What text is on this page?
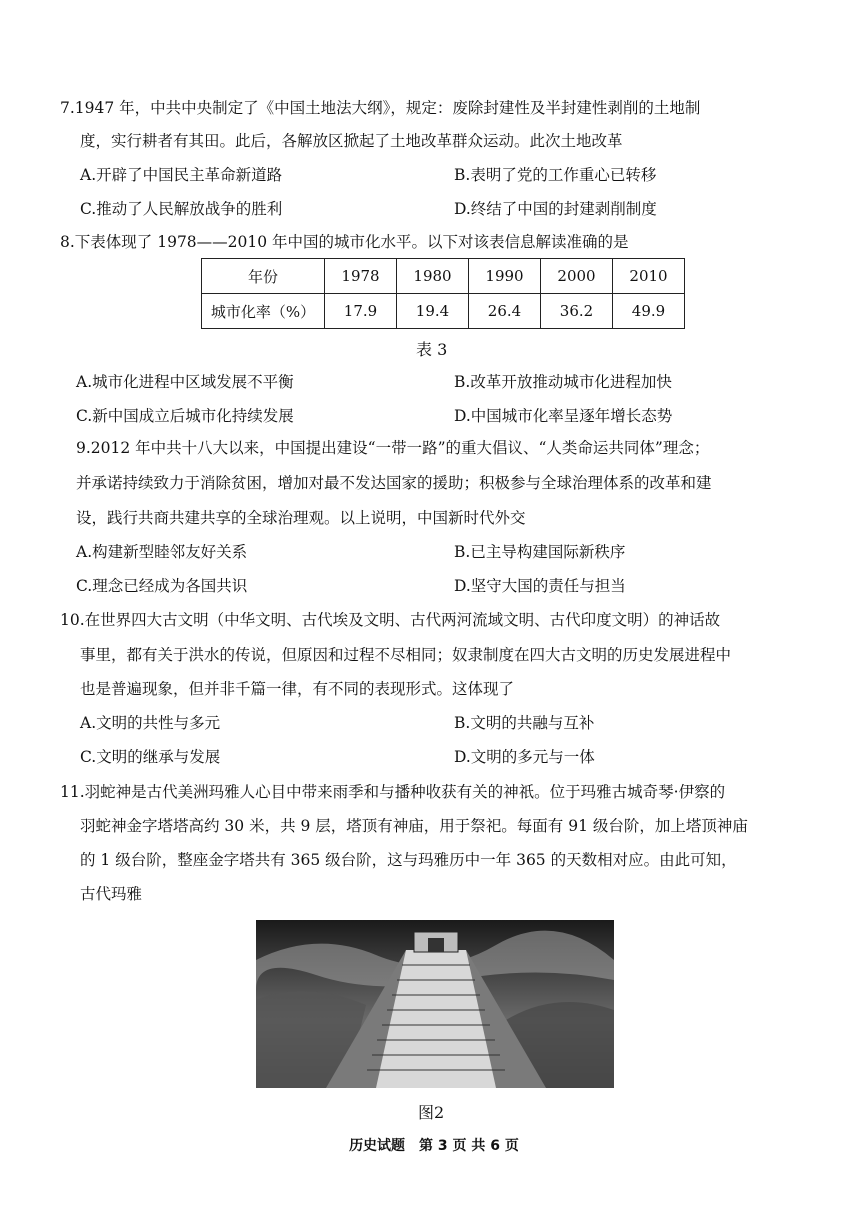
7.1947 年，中共中央制定了《中国土地法大纲》，规定：废除封建性及半封建性剥削的土地制
度，实行耕者有其田。此后，各解放区掀起了土地改革群众运动。此次土地改革
A.开辟了中国民主革命新道路	B.表明了党的工作重心已转移
C.推动了人民解放战争的胜利	D.终结了中国的封建剥削制度
8.下表体现了 1978——2010 年中国的城市化水平。以下对该表信息解读准确的是
年份	1978	1980	1990	2000	2010
城市化率（%）	17.9	19.4	26.4	36.2	49.9
表 3
A.城市化进程中区域发展不平衡	B.改革开放推动城市化进程加快
C.新中国成立后城市化持续发展	D.中国城市化率呈逐年增长态势
9.2012 年中共十八大以来，中国提出建设“一带一路”的重大倡议、“人类命运共同体”理念；
并承诺持续致力于消除贫困，增加对最不发达国家的援助；积极参与全球治理体系的改革和建
设，践行共商共建共享的全球治理观。以上说明，中国新时代外交
A.构建新型睦邻友好关系	B.已主导构建国际新秩序
C.理念已经成为各国共识	D.坚守大国的责任与担当
10.在世界四大古文明（中华文明、古代埃及文明、古代两河流域文明、古代印度文明）的神话故
事里，都有关于洪水的传说，但原因和过程不尽相同；奴隶制度在四大古文明的历史发展进程中
也是普遍现象，但并非千篇一律，有不同的表现形式。这体现了
A.文明的共性与多元	B.文明的共融与互补
C.文明的继承与发展	D.文明的多元与一体
11.羽蛇神是古代美洲玛雅人心目中带来雨季和与播种收获有关的神祇。位于玛雅古城奇琴·伊察的
羽蛇神金字塔塔高约 30 米，共 9 层，塔顶有神庙，用于祭祀。每面有 91 级台阶，加上塔顶神庙
的 1 级台阶，整座金字塔共有 365 级台阶，这与玛雅历中一年 365 的天数相对应。由此可知，
古代玛雅
图2
历史试题　第 3 页 共 6 页
